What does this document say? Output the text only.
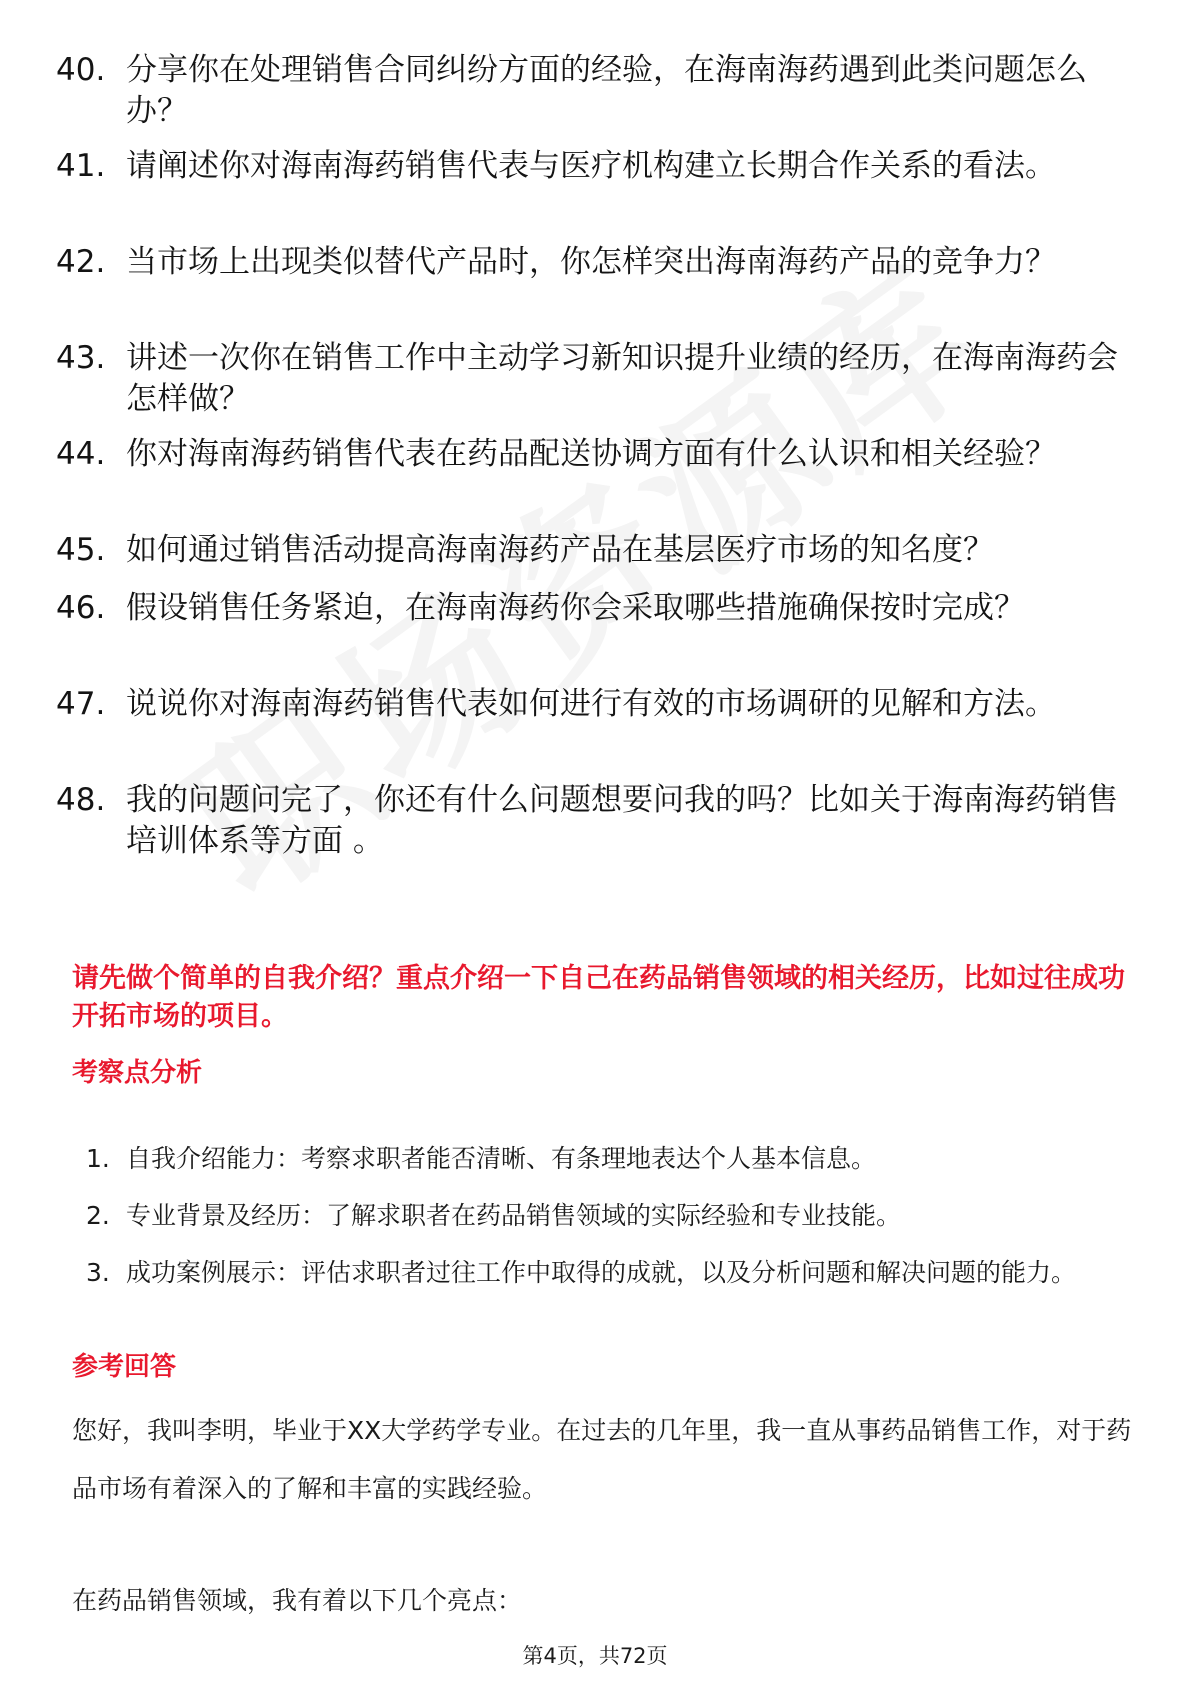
40. 分享你在处理销售合同纠纷方面的经验，在海南海药遇到此类问题怎么办？
41. 请阐述你对海南海药销售代表与医疗机构建立长期合作关系的看法。
42. 当市场上出现类似替代产品时，你怎样突出海南海药产品的竞争力？
43. 讲述一次你在销售工作中主动学习新知识提升业绩的经历，在海南海药会怎样做？
44. 你对海南海药销售代表在药品配送协调方面有什么认识和相关经验？
45. 如何通过销售活动提高海南海药产品在基层医疗市场的知名度？
46. 假设销售任务紧迫，在海南海药你会采取哪些措施确保按时完成？
47. 说说你对海南海药销售代表如何进行有效的市场调研的见解和方法。
48. 我的问题问完了，你还有什么问题想要问我的吗？比如关于海南海药销售培训体系等方面 。
请先做个简单的自我介绍？重点介绍一下自己在药品销售领域的相关经历，比如过往成功开拓市场的项目。
考察点分析
1. 自我介绍能力：考察求职者能否清晰、有条理地表达个人基本信息。
2. 专业背景及经历：了解求职者在药品销售领域的实际经验和专业技能。
3. 成功案例展示：评估求职者过往工作中取得的成就，以及分析问题和解决问题的能力。
参考回答
您好，我叫李明，毕业于XX大学药学专业。在过去的几年里，我一直从事药品销售工作，对于药品市场有着深入的了解和丰富的实践经验。
在药品销售领域，我有着以下几个亮点：
第4页，共72页
